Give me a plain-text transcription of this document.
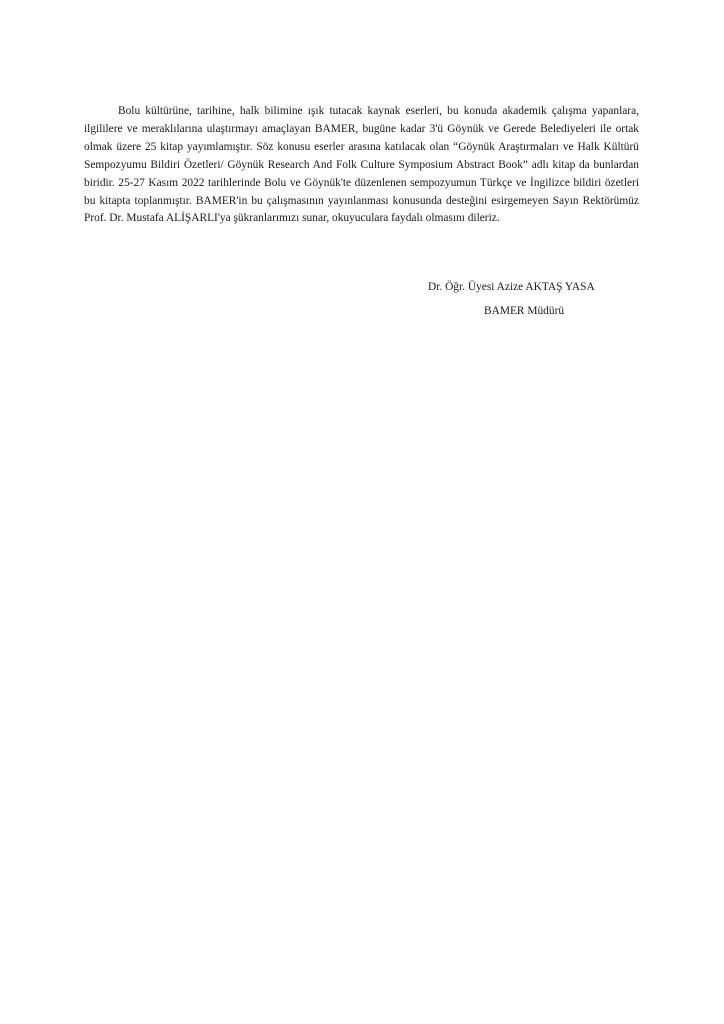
Bolu kültürüne, tarihine, halk bilimine ışık tutacak kaynak eserleri, bu konuda akademik çalışma yapanlara, ilgililere ve meraklılarına ulaştırmayı amaçlayan BAMER, bugüne kadar 3'ü Göynük ve Gerede Belediyeleri ile ortak olmak üzere 25 kitap yayımlamıştır. Söz konusu eserler arasına katılacak olan “Göynük Araştırmaları ve Halk Kültürü Sempozyumu Bildiri Özetleri/ Göynük Research And Folk Culture Symposium Abstract Book” adlı kitap da bunlardan biridir. 25-27 Kasım 2022 tarihlerinde Bolu ve Göynük'te düzenlenen sempozyumun Türkçe ve İngilizce bildiri özetleri bu kitapta toplanmıştır. BAMER'in bu çalışmasının yayınlanması konusunda desteğini esirgemeyen Sayın Rektörümüz Prof. Dr. Mustafa ALİŞARLI'ya şükranlarımızı sunar, okuyuculara faydalı olmasını dileriz.

Dr. Öğr. Üyesi Azize AKTAŞ YASA
BAMER Müdürü
